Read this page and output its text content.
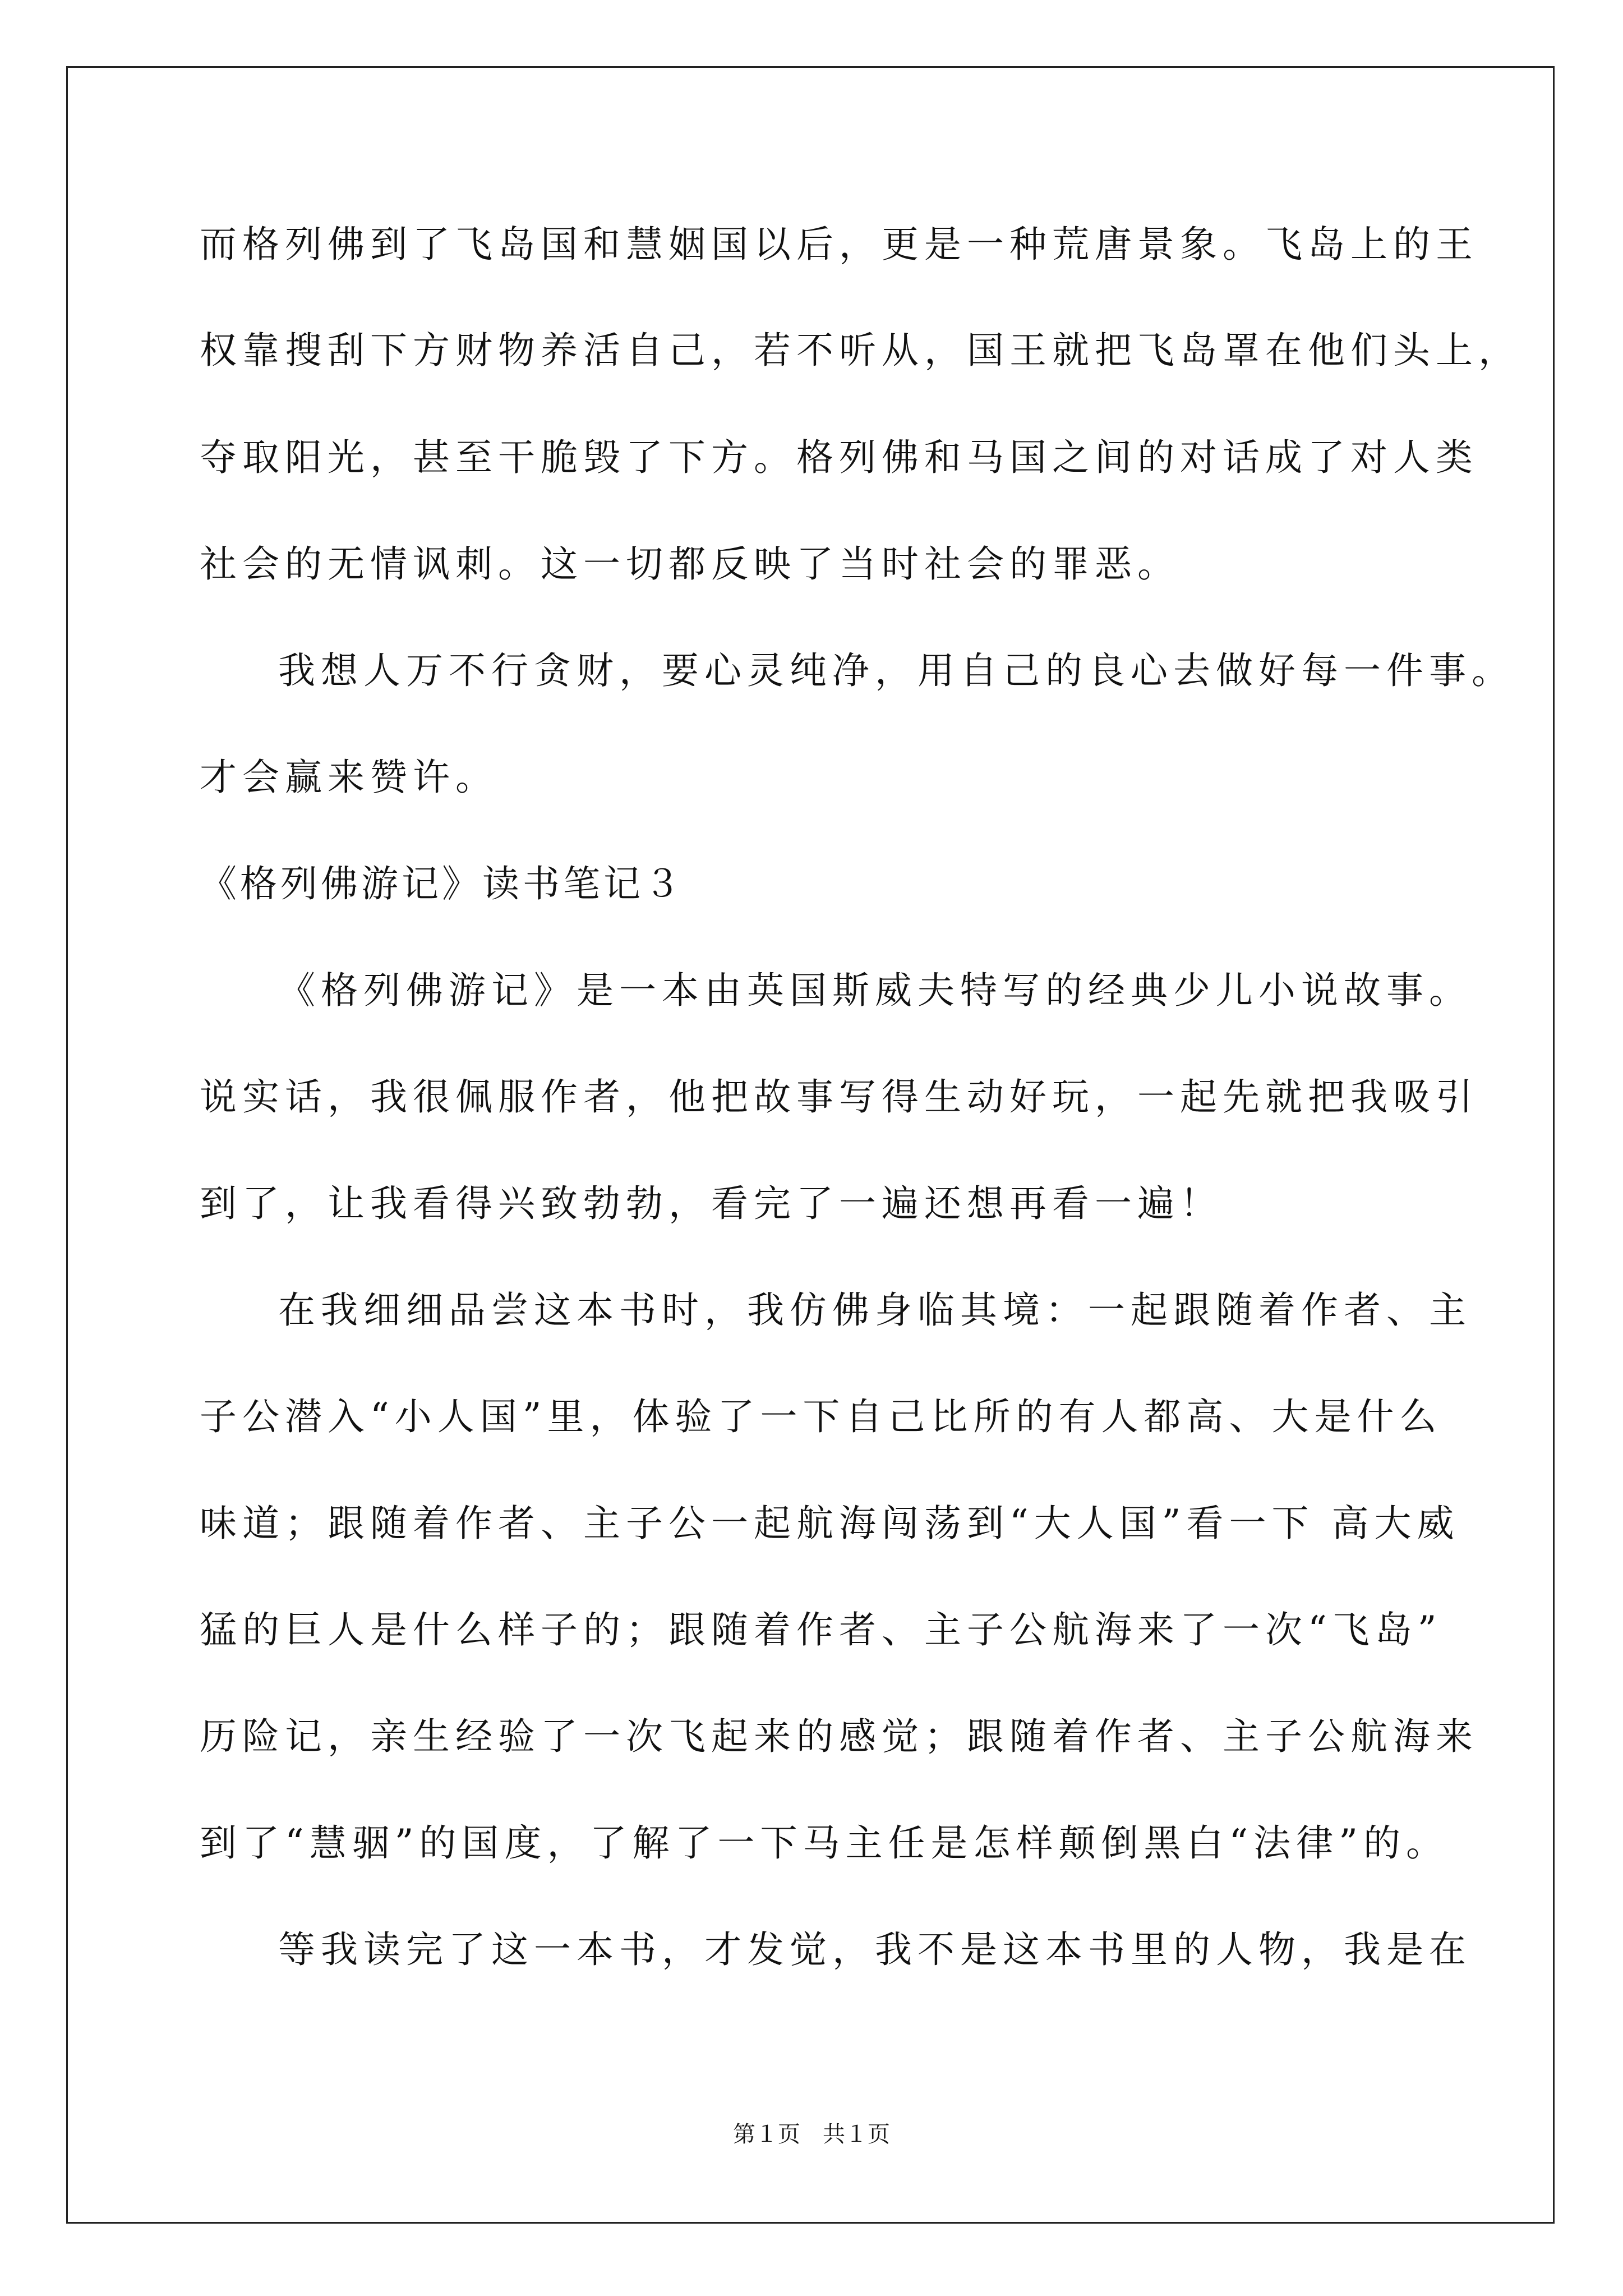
而格列佛到了飞岛国和慧姻国以后，更是一种荒唐景象。飞岛上的王
权靠搜刮下方财物养活自己，若不听从，国王就把飞岛罩在他们头上，
夺取阳光，甚至干脆毁了下方。格列佛和马国之间的对话成了对人类
社会的无情讽刺。这一切都反映了当时社会的罪恶。
我想人万不行贪财，要心灵纯净，用自己的良心去做好每一件事。
才会赢来赞许。
《格列佛游记》读书笔记３
《格列佛游记》是一本由英国斯威夫特写的经典少儿小说故事。
说实话，我很佩服作者，他把故事写得生动好玩，一起先就把我吸引
到了，让我看得兴致勃勃，看完了一遍还想再看一遍！
在我细细品尝这本书时，我仿佛身临其境：一起跟随着作者、主
子公潜入“小人国”里，体验了一下自己比所的有人都高、大是什么
味道；跟随着作者、主子公一起航海闯荡到“大人国”看一下 高大威
猛的巨人是什么样子的；跟随着作者、主子公航海来了一次“飞岛”
历险记，亲生经验了一次飞起来的感觉；跟随着作者、主子公航海来
到了“慧骃”的国度，了解了一下马主任是怎样颠倒黑白“法律”的。
等我读完了这一本书，才发觉，我不是这本书里的人物，我是在
第１页　共１页
